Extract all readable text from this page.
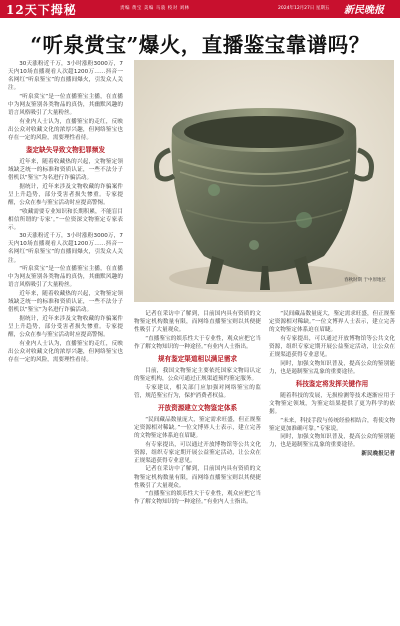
12天下拇秘	责编 黄宝 美编 马骁 校对 刘林	2024年12月27日 星期五 新民晚报
“听泉赏宝”爆火，直播鉴宝靠谱吗？
春秋时期 于中原地区

30天涨粉近千万，3小时涨粉3000万，7天内10场直播观看人次超1200万……抖音一名网红“听泉鉴宝”的直播间爆火，引发众人关注。

“听泉赏宝”是一位直播鉴宝主播，在直播中为网友鉴别各类物品的真伪，其幽默风趣的语言风格吸引了大量粉丝。

有业内人士认为，直播鉴宝的走红，反映出公众对收藏文化的浓厚兴趣，但网络鉴宝也存在一定的风险，需要理性看待。

鉴定缺失导致文物犯罪频发

近年来，随着收藏热的兴起，文物鉴定领域缺乏统一的标准和资质认证，一些不法分子借机以“鉴宝”为名进行诈骗活动。

据统计，近年来涉及文物收藏的诈骗案件呈上升趋势，部分受害者损失惨重。专家提醒，公众在参与鉴宝活动时应提高警惕。

“收藏需要专业知识和长期积累，不能盲目相信所谓的‘专家’。”一位资深文物鉴定专家表示。

30天涨粉近千万，3小时涨粉3000万，7天内10场直播观看人次超1200万……抖音一名网红“听泉鉴宝”的直播间爆火，引发众人关注。

“听泉赏宝”是一位直播鉴宝主播，在直播中为网友鉴别各类物品的真伪，其幽默风趣的语言风格吸引了大量粉丝。

近年来，随着收藏热的兴起，文物鉴定领域缺乏统一的标准和资质认证，一些不法分子借机以“鉴宝”为名进行诈骗活动。

据统计，近年来涉及文物收藏的诈骗案件呈上升趋势，部分受害者损失惨重。专家提醒，公众在参与鉴宝活动时应提高警惕。

有业内人士认为，直播鉴宝的走红，反映出公众对收藏文化的浓厚兴趣，但网络鉴宝也存在一定的风险，需要理性看待。

记者在采访中了解到，目前国内具有资质的文物鉴定机构数量有限，而网络直播鉴宝则以其便捷性吸引了大量观众。

“直播鉴宝的娱乐性大于专业性，观众应把它当作了解文物知识的一种途径。”有业内人士指出。

规有鉴定渠道相以满足需求

目前，我国文物鉴定主要依托国家文物局认定的鉴定机构，公众可通过正规渠道预约鉴定服务。

专家建议，相关部门应加强对网络鉴宝的监管，规范鉴宝行为，保护消费者权益。

开放资源建立文物鉴定体系

“民间藏品数量庞大，鉴定需求旺盛，但正规鉴定资源相对稀缺。”一位文博界人士表示，建立完善的文物鉴定体系迫在眉睫。

有专家提出，可以通过开放博物馆等公共文化资源，组织专家定期开展公益鉴定活动，让公众在正规渠道获得专业意见。

记者在采访中了解到，目前国内具有资质的文物鉴定机构数量有限，而网络直播鉴宝则以其便捷性吸引了大量观众。

“直播鉴宝的娱乐性大于专业性，观众应把它当作了解文物知识的一种途径。”有业内人士指出。

“民间藏品数量庞大，鉴定需求旺盛，但正规鉴定资源相对稀缺。”一位文博界人士表示，建立完善的文物鉴定体系迫在眉睫。

有专家提出，可以通过开放博物馆等公共文化资源，组织专家定期开展公益鉴定活动，让公众在正规渠道获得专业意见。

同时，加强文物知识普及，提高公众的鉴别能力，也是遏制鉴宝乱象的重要途径。

科技鉴定将发挥关键作用

随着科技的发展，无损检测等技术逐渐应用于文物鉴定领域，为鉴定结果提供了更为科学的依据。

“未来，科技手段与传统经验相结合，将使文物鉴定更加准确可靠。”专家说。

同时，加强文物知识普及，提高公众的鉴别能力，也是遏制鉴宝乱象的重要途径。

新民晚报记者
